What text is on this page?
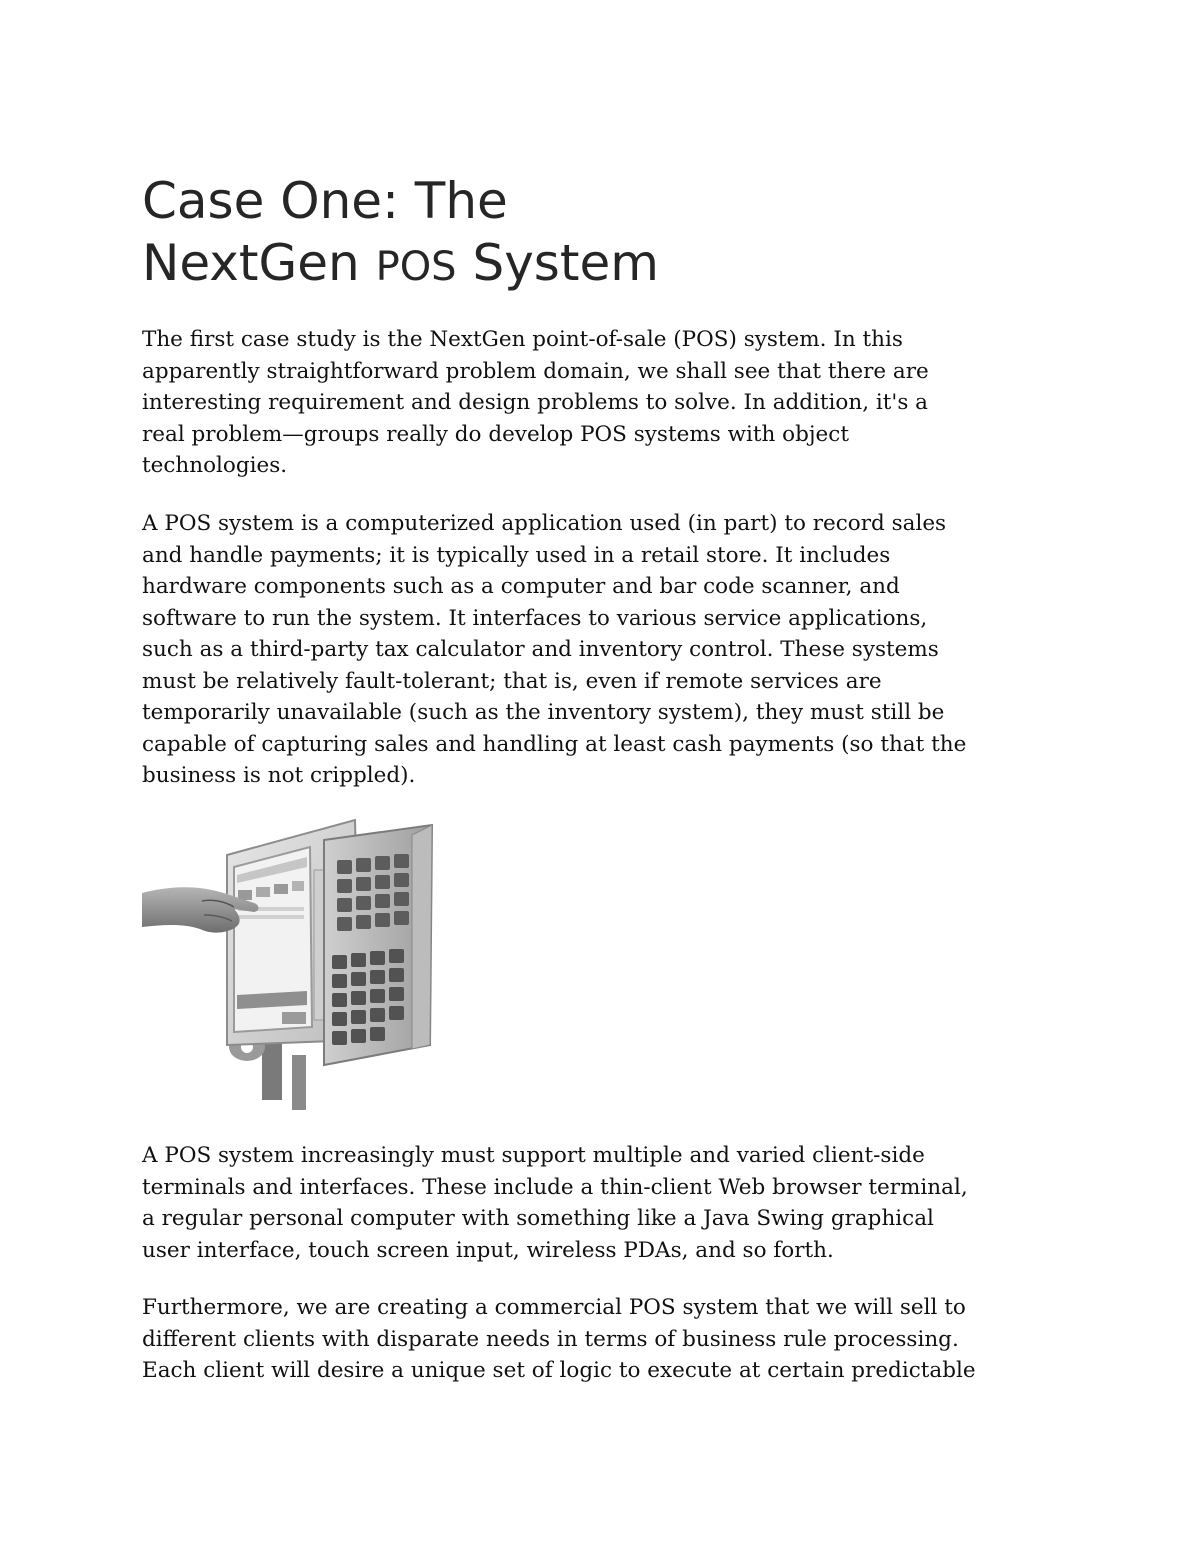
Case One: The
NextGen POS System

The first case study is the NextGen point-of-sale (POS) system. In this
apparently straightforward problem domain, we shall see that there are
interesting requirement and design problems to solve. In addition, it's a
real problem—groups really do develop POS systems with object
technologies.

A POS system is a computerized application used (in part) to record sales
and handle payments; it is typically used in a retail store. It includes
hardware components such as a computer and bar code scanner, and
software to run the system. It interfaces to various service applications,
such as a third-party tax calculator and inventory control. These systems
must be relatively fault-tolerant; that is, even if remote services are
temporarily unavailable (such as the inventory system), they must still be
capable of capturing sales and handling at least cash payments (so that the
business is not crippled).

A POS system increasingly must support multiple and varied client-side
terminals and interfaces. These include a thin-client Web browser terminal,
a regular personal computer with something like a Java Swing graphical
user interface, touch screen input, wireless PDAs, and so forth.

Furthermore, we are creating a commercial POS system that we will sell to
different clients with disparate needs in terms of business rule processing.
Each client will desire a unique set of logic to execute at certain predictable
